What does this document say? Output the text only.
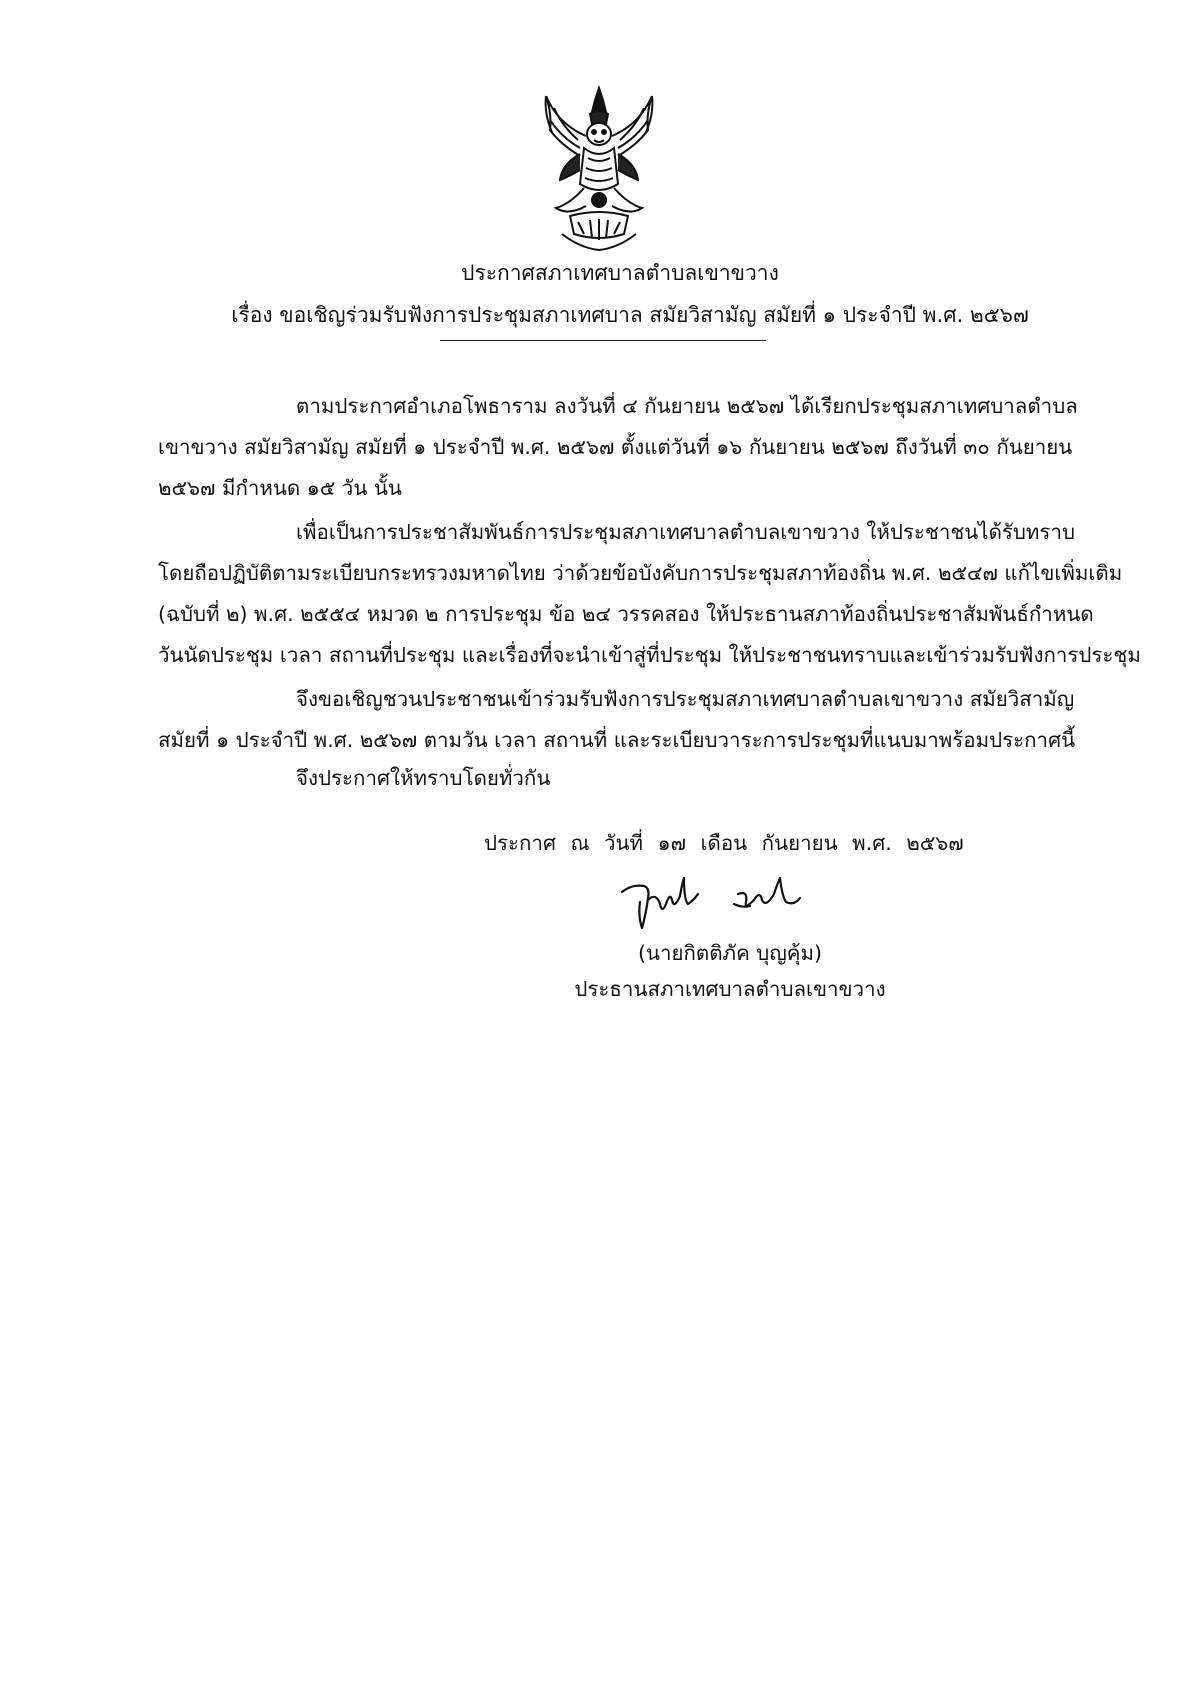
ประกาศสภาเทศบาลตำบลเขาขวาง
เรื่อง ขอเชิญร่วมรับฟังการประชุมสภาเทศบาล สมัยวิสามัญ สมัยที่ ๑ ประจำปี พ.ศ. ๒๕๖๗
ตามประกาศอำเภอโพธาราม ลงวันที่ ๔ กันยายน ๒๕๖๗ ได้เรียกประชุมสภาเทศบาลตำบล
เขาขวาง สมัยวิสามัญ สมัยที่ ๑ ประจำปี พ.ศ. ๒๕๖๗ ตั้งแต่วันที่ ๑๖ กันยายน ๒๕๖๗ ถึงวันที่ ๓๐ กันยายน
๒๕๖๗ มีกำหนด ๑๕ วัน นั้น
เพื่อเป็นการประชาสัมพันธ์การประชุมสภาเทศบาลตำบลเขาขวาง ให้ประชาชนได้รับทราบ
โดยถือปฏิบัติตามระเบียบกระทรวงมหาดไทย ว่าด้วยข้อบังคับการประชุมสภาท้องถิ่น พ.ศ. ๒๕๔๗ แก้ไขเพิ่มเติม
(ฉบับที่ ๒) พ.ศ. ๒๕๕๔ หมวด ๒ การประชุม ข้อ ๒๔ วรรคสอง ให้ประธานสภาท้องถิ่นประชาสัมพันธ์กำหนด
วันนัดประชุม เวลา สถานที่ประชุม และเรื่องที่จะนำเข้าสู่ที่ประชุม ให้ประชาชนทราบและเข้าร่วมรับฟังการประชุม
จึงขอเชิญชวนประชาชนเข้าร่วมรับฟังการประชุมสภาเทศบาลตำบลเขาขวาง สมัยวิสามัญ
สมัยที่ ๑ ประจำปี พ.ศ. ๒๕๖๗ ตามวัน เวลา สถานที่ และระเบียบวาระการประชุมที่แนบมาพร้อมประกาศนี้
จึงประกาศให้ทราบโดยทั่วกัน
ประกาศ ณ วันที่ ๑๗ เดือน กันยายน พ.ศ. ๒๕๖๗
(นายกิตติภัค บุญคุ้ม)
ประธานสภาเทศบาลตำบลเขาขวาง
